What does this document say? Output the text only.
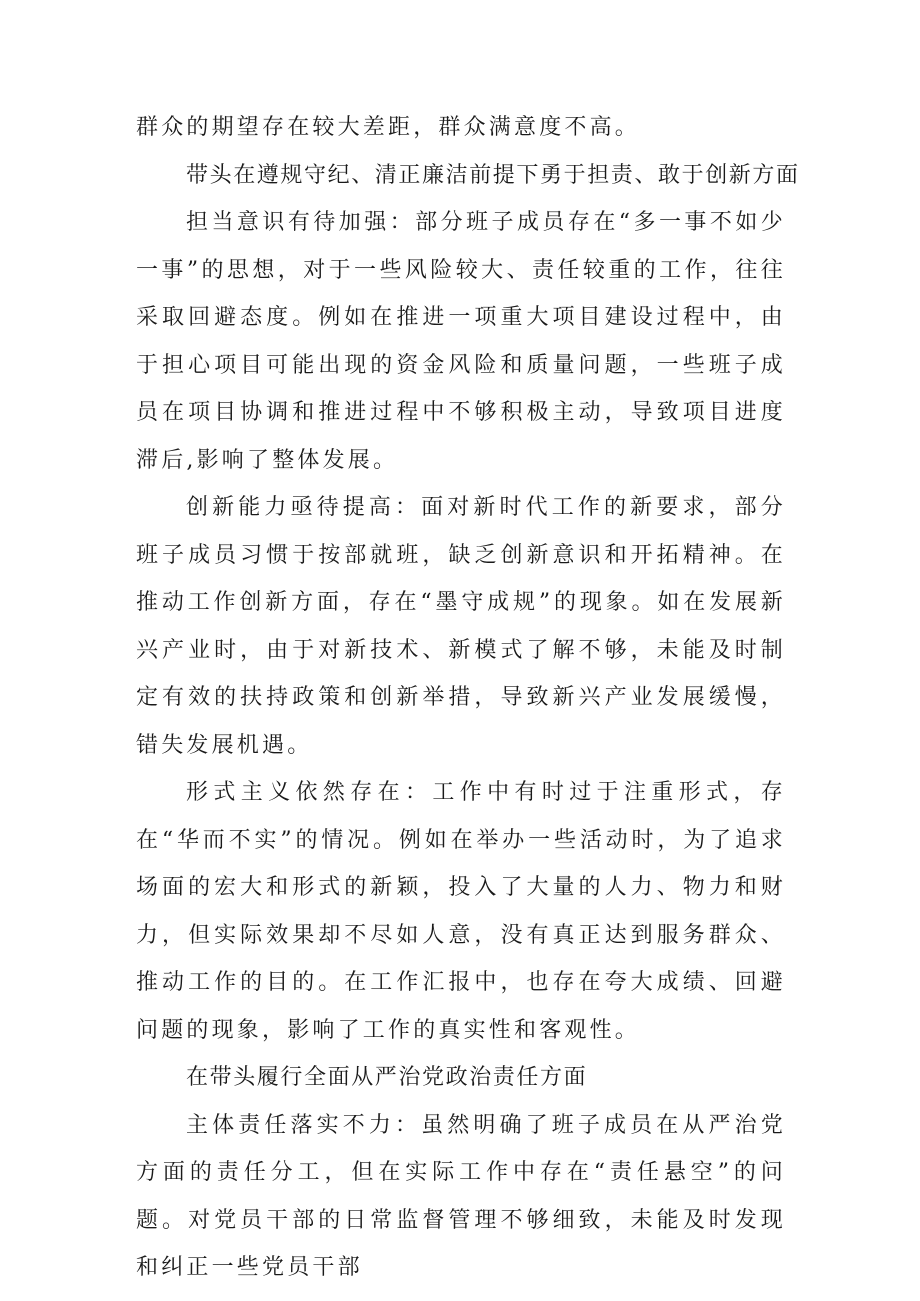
群众的期望存在较大差距，群众满意度不高。

带头在遵规守纪、清正廉洁前提下勇于担责、敢于创新方面

担当意识有待加强：部分班子成员存在“多一事不如少一事”的思想，对于一些风险较大、责任较重的工作，往往采取回避态度。例如在推进一项重大项目建设过程中，由于担心项目可能出现的资金风险和质量问题，一些班子成员在项目协调和推进过程中不够积极主动，导致项目进度滞后,影响了整体发展。

创新能力亟待提高：面对新时代工作的新要求，部分班子成员习惯于按部就班，缺乏创新意识和开拓精神。在推动工作创新方面，存在“墨守成规”的现象。如在发展新兴产业时，由于对新技术、新模式了解不够，未能及时制定有效的扶持政策和创新举措，导致新兴产业发展缓慢，错失发展机遇。

形式主义依然存在：工作中有时过于注重形式，存在“华而不实”的情况。例如在举办一些活动时，为了追求场面的宏大和形式的新颖，投入了大量的人力、物力和财力，但实际效果却不尽如人意，没有真正达到服务群众、推动工作的目的。在工作汇报中，也存在夸大成绩、回避问题的现象，影响了工作的真实性和客观性。

在带头履行全面从严治党政治责任方面

主体责任落实不力：虽然明确了班子成员在从严治党方面的责任分工，但在实际工作中存在“责任悬空”的问题。对党员干部的日常监督管理不够细致，未能及时发现和纠正一些党员干部
